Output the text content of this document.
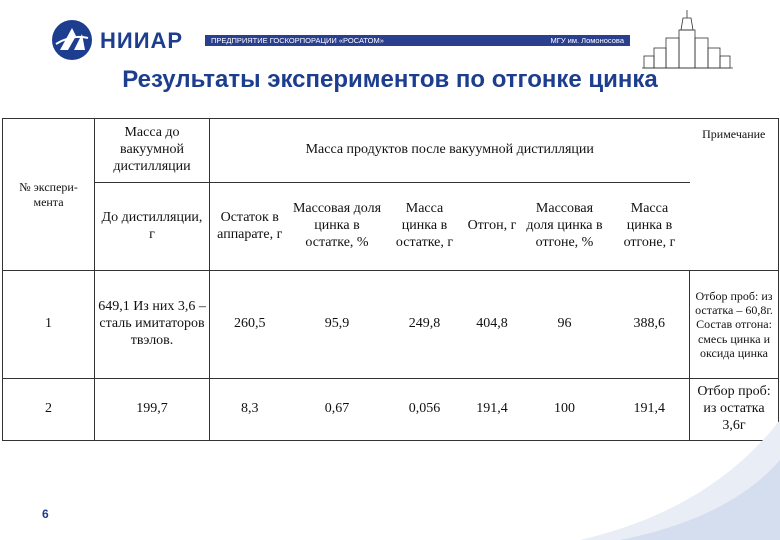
НИИАР	ПРЕДПРИЯТИЕ ГОСКОРПОРАЦИИ «РОСАТОМ»	МГУ им. Ломоносова
Результаты экспериментов по отгонке цинка
№ экспери-мента	Масса до вакуумной дистилляции	Масса продуктов после вакуумной дистилляции						Примечание
	До дистилляции, г	Остаток в аппарате, г	Массовая доля цинка в остатке, %	Масса цинка в остатке, г	Отгон, г	Массовая доля цинка в отгоне, %	Масса цинка в отгоне, г	
1	649,1 Из них 3,6 – сталь имитаторов твэлов.	260,5	95,9	249,8	404,8	96	388,6	Отбор проб: из остатка – 60,8г. Состав отгона: смесь цинка и оксида цинка
2	199,7	8,3	0,67	0,056	191,4	100	191,4	Отбор проб: из остатка 3,6г
6
